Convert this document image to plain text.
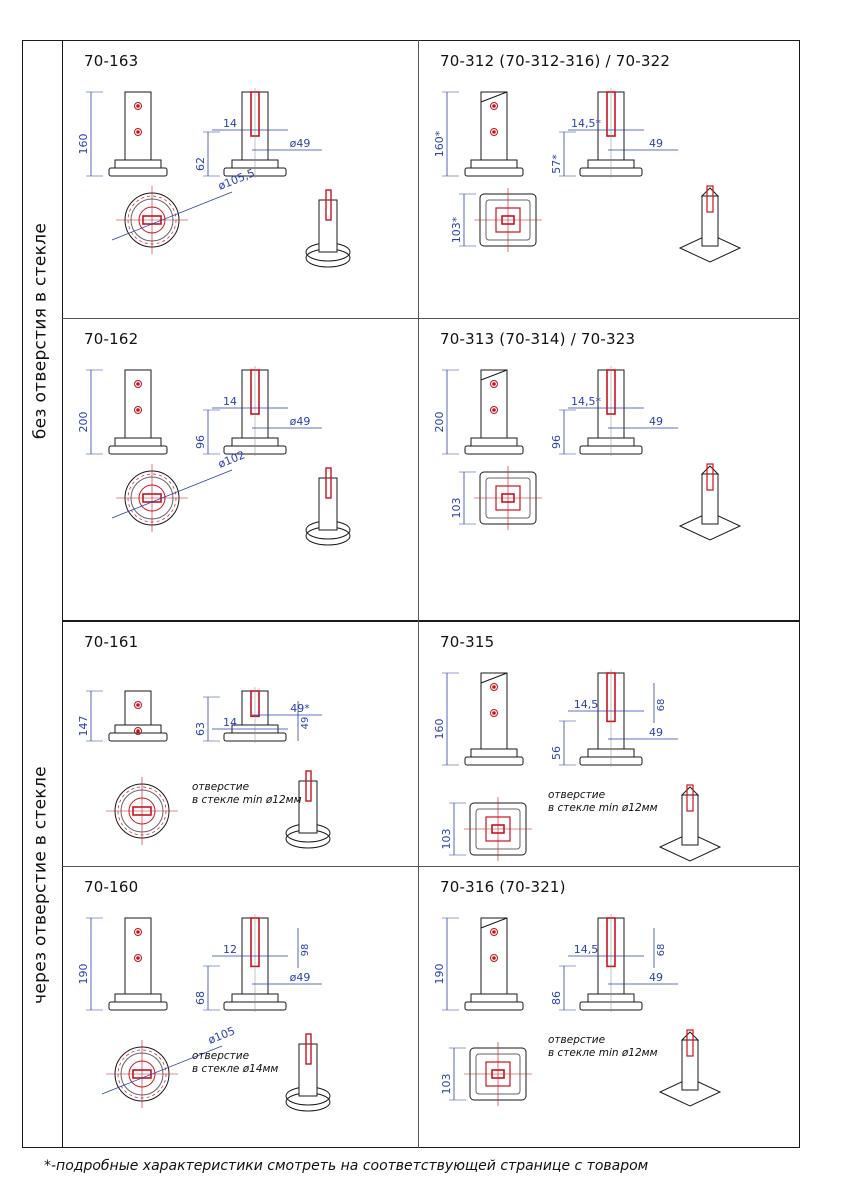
без отверстия в стекле
через отверстие в стекле
70-163
160
14
62
ø49
ø105,5
70-312 (70-312-316) / 70-322
160*
14,5*
57*
49
103*
70-162
200
14
96
ø49
ø102
70-313 (70-314) / 70-323
200
14,5*
96
49
103
70-161
147	14
63
49*
49
отверстие
в стекле min ø12мм
70-315
160
14,5
56
49
68
103
отверстие
в стекле min ø12мм
70-160
190
12
68
ø49
98
ø105
отверстие
в стекле ø14мм
70-316 (70-321)
190
14,5
86
49
68
103
отверстие
в стекле min ø12мм
*-подробные характеристики смотреть на соответствующей странице с товаром
